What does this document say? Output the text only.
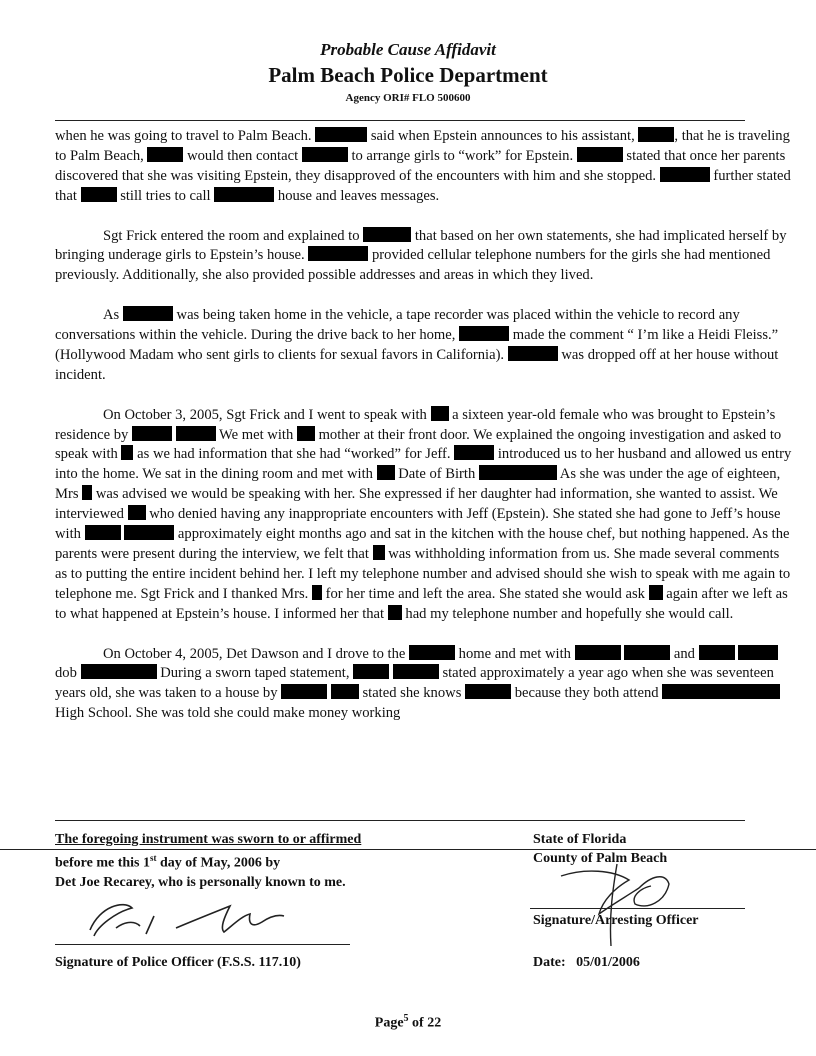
Probable Cause Affidavit
Palm Beach Police Department
Agency ORI# FLO 500600

when he was going to travel to Palm Beach.	said when Epstein announces to his assistant,	, that he is traveling to Palm Beach,	would then contact	to arrange girls to “work” for Epstein.	stated that once her parents discovered that she was visiting Epstein, they disapproved of the encounters with him and she stopped.	further stated that	still tries to call	house and leaves messages.

Sgt Frick entered the room and explained to	that based on her own statements, she had implicated herself by bringing underage girls to Epstein’s house.	provided cellular telephone numbers for the girls she had mentioned previously. Additionally, she also provided possible addresses and areas in which they lived.

As	was being taken home in the vehicle, a tape recorder was placed within the vehicle to record any conversations within the vehicle. During the drive back to her home,	made the comment “ I’m like a Heidi Fleiss.” (Hollywood Madam who sent girls to clients for sexual favors in California).	was dropped off at her house without incident.

On October 3, 2005, Sgt Frick and I went to speak with a sixteen year-old female who was brought to Epstein’s residence by	We met with mother at their front door. We explained the ongoing investigation and asked to speak with as we had information that she had “worked” for Jeff.	introduced us to her husband and allowed us entry into the home. We sat in the dining room and met with Date of Birth	As she was under the age of eighteen, Mrs was advised we would be speaking with her. She expressed if her daughter had information, she wanted to assist. We interviewed who denied having any inappropriate encounters with Jeff (Epstein). She stated she had gone to Jeff’s house with	approximately eight months ago and sat in the kitchen with the house chef, but nothing happened. As the parents were present during the interview, we felt that was withholding information from us. She made several comments as to putting the entire incident behind her. I left my telephone number and advised should she wish to speak with me again to telephone me. Sgt Frick and I thanked Mrs. for her time and left the area. She stated she would ask again after we left as to what happened at Epstein’s house. I informed her that had my telephone number and hopefully she would call.

On October 4, 2005, Det Dawson and I drove to the	home and met with	and   dob	During a sworn taped statement,	stated approximately a year ago when she was seventeen years old, she was taken to a house by	stated she knows	because they both attend  High School. She was told she could make money working

The foregoing instrument was sworn to or affirmed
before me this 1st day of May, 2006 by
Det Joe Recarey, who is personally known to me.
Signature of Police Officer (F.S.S. 117.10)
State of Florida
County of Palm Beach
Signature/Arresting Officer
Date: 05/01/2006
Page$^5$ of 22
